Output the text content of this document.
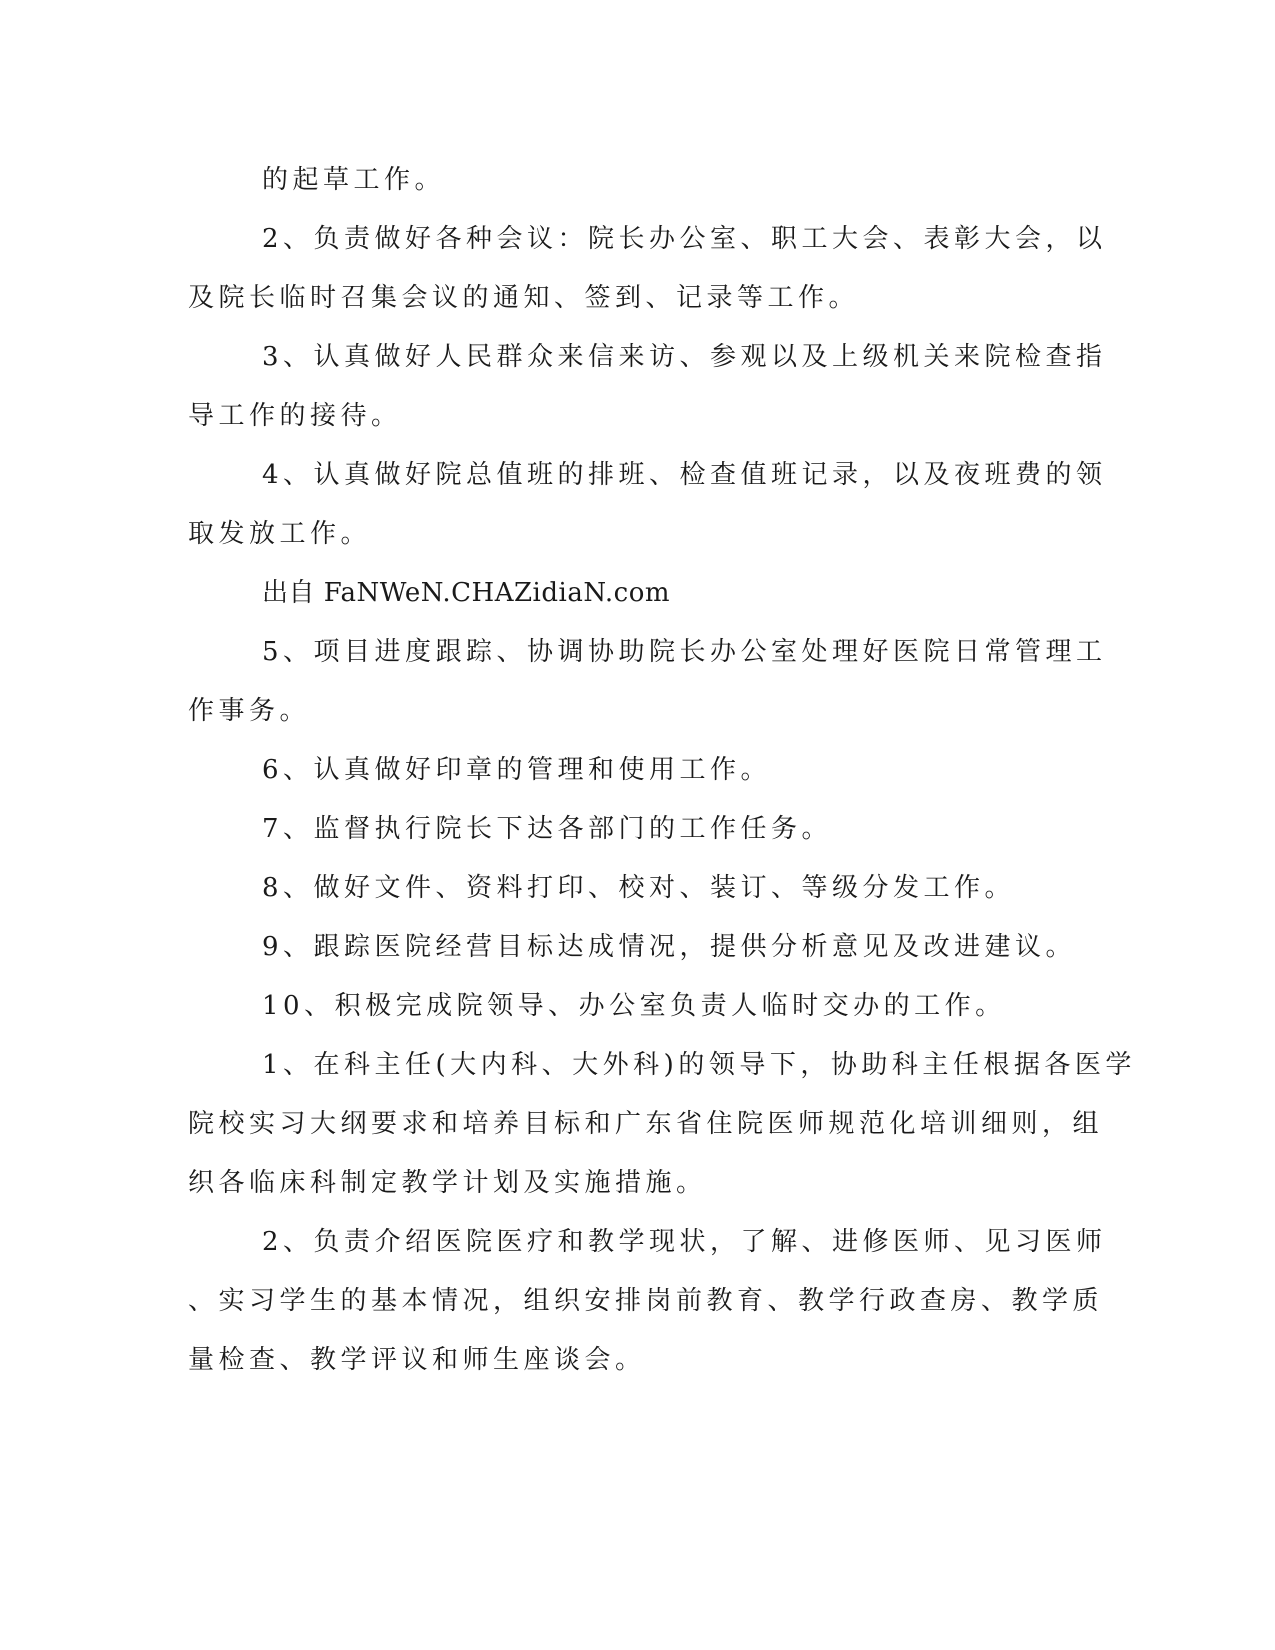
的起草工作。
2、负责做好各种会议：院长办公室、职工大会、表彰大会，以
及院长临时召集会议的通知、签到、记录等工作。
3、认真做好人民群众来信来访、参观以及上级机关来院检查指
导工作的接待。
4、认真做好院总值班的排班、检查值班记录，以及夜班费的领
取发放工作。
出自 FaNWeN.CHAZidiaN.com
5、项目进度跟踪、协调协助院长办公室处理好医院日常管理工
作事务。
6、认真做好印章的管理和使用工作。
7、监督执行院长下达各部门的工作任务。
8、做好文件、资料打印、校对、装订、等级分发工作。
9、跟踪医院经营目标达成情况，提供分析意见及改进建议。
10、积极完成院领导、办公室负责人临时交办的工作。
1、在科主任(大内科、大外科)的领导下，协助科主任根据各医学
院校实习大纲要求和培养目标和广东省住院医师规范化培训细则，组
织各临床科制定教学计划及实施措施。
2、负责介绍医院医疗和教学现状，了解、进修医师、见习医师
、实习学生的基本情况，组织安排岗前教育、教学行政查房、教学质
量检查、教学评议和师生座谈会。
